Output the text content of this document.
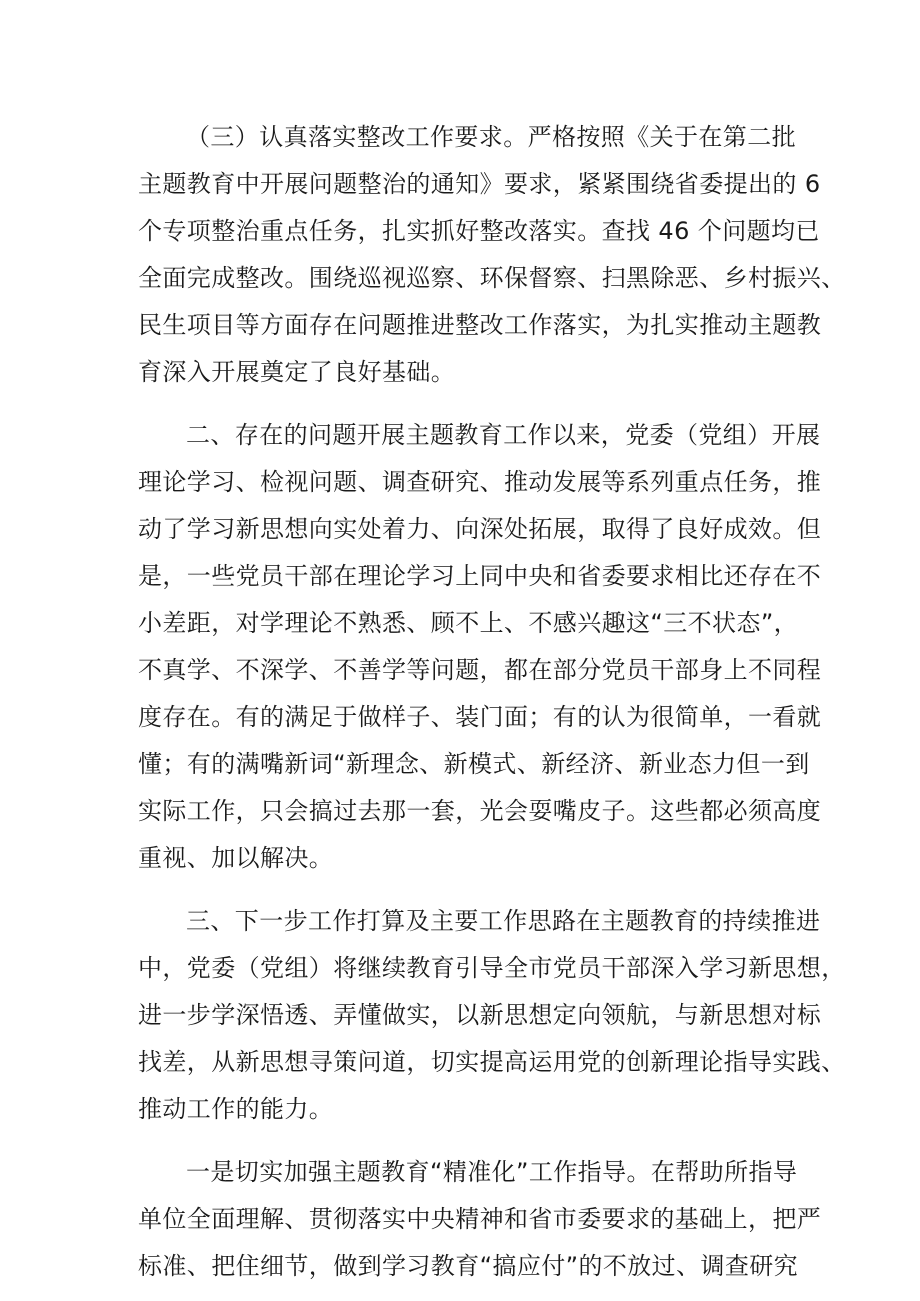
（三）认真落实整改工作要求。严格按照《关于在第二批
主题教育中开展问题整治的通知》要求，紧紧围绕省委提出的 6
个专项整治重点任务，扎实抓好整改落实。查找 46 个问题均已
全面完成整改。围绕巡视巡察、环保督察、扫黑除恶、乡村振兴、
民生项目等方面存在问题推进整改工作落实，为扎实推动主题教
育深入开展奠定了良好基础。
二、存在的问题开展主题教育工作以来，党委（党组）开展
理论学习、检视问题、调查研究、推动发展等系列重点任务，推
动了学习新思想向实处着力、向深处拓展，取得了良好成效。但
是，一些党员干部在理论学习上同中央和省委要求相比还存在不
小差距，对学理论不熟悉、顾不上、不感兴趣这“三不状态”，
不真学、不深学、不善学等问题，都在部分党员干部身上不同程
度存在。有的满足于做样子、装门面；有的认为很简单，一看就
懂；有的满嘴新词“新理念、新模式、新经济、新业态力但一到
实际工作，只会搞过去那一套，光会耍嘴皮子。这些都必须高度
重视、加以解决。
三、下一步工作打算及主要工作思路在主题教育的持续推进
中，党委（党组）将继续教育引导全市党员干部深入学习新思想，
进一步学深悟透、弄懂做实，以新思想定向领航，与新思想对标
找差，从新思想寻策问道，切实提高运用党的创新理论指导实践、
推动工作的能力。
一是切实加强主题教育“精准化”工作指导。在帮助所指导
单位全面理解、贯彻落实中央精神和省市委要求的基础上，把严
标准、把住细节，做到学习教育“搞应付”的不放过、调查研究
